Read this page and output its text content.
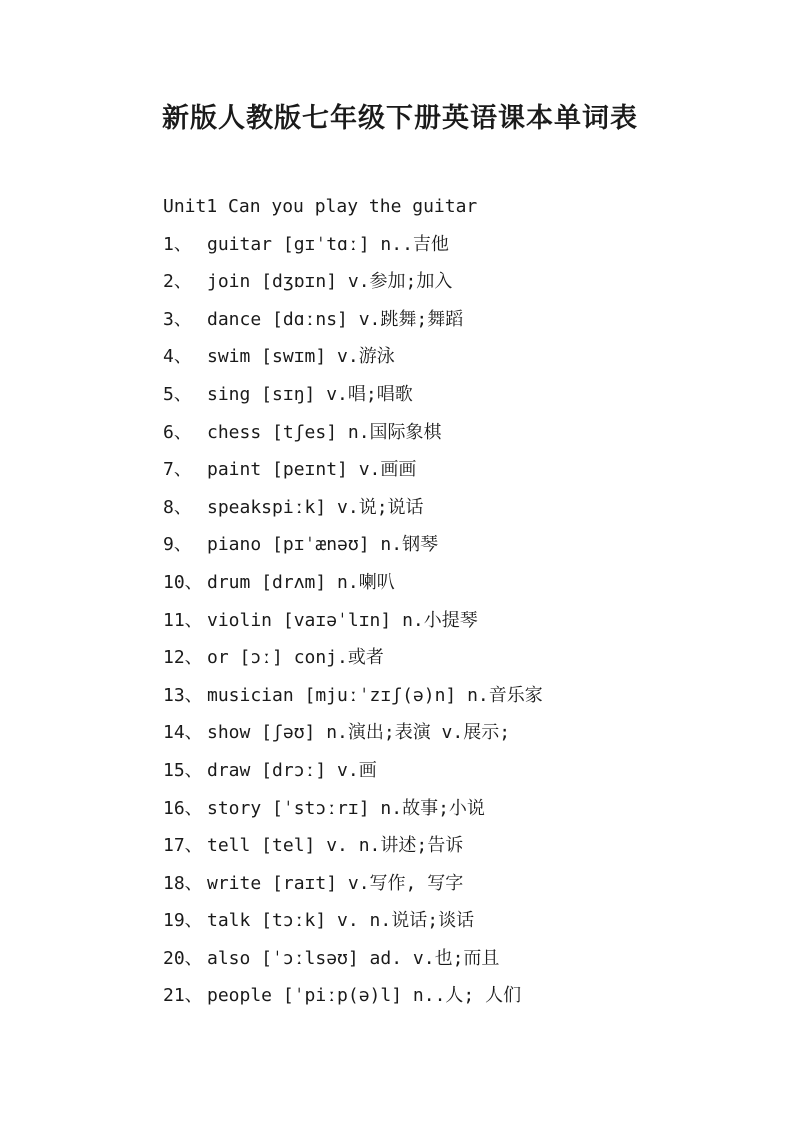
新版人教版七年级下册英语课本单词表
Unit1 Can you play the guitar
1、 guitar [gɪˈtɑː] n..吉他
2、 join [dʒɒɪn] v.参加;加入
3、 dance [dɑːns] v.跳舞;舞蹈
4、 swim [swɪm] v.游泳
5、 sing [sɪŋ] v.唱;唱歌
6、 chess [tʃes] n.国际象棋
7、 paint [peɪnt] v.画画
8、 speakspiːk] v.说;说话
9、 piano [pɪˈænəʊ] n.钢琴
10、 drum [drʌm] n.喇叭
11、 violin [vaɪəˈlɪn] n.小提琴
12、 or [ɔː] conj.或者
13、 musician [mjuːˈzɪʃ(ə)n] n.音乐家
14、 show [ʃəʊ] n.演出;表演 v.展示;
15、 draw [drɔː] v.画
16、 story [ˈstɔːrɪ] n.故事;小说
17、 tell [tel] v. n.讲述;告诉
18、 write [raɪt] v.写作, 写字
19、 talk [tɔːk] v. n.说话;谈话
20、 also [ˈɔːlsəʊ] ad. v.也;而且
21、 people [ˈpiːp(ə)l] n..人; 人们
